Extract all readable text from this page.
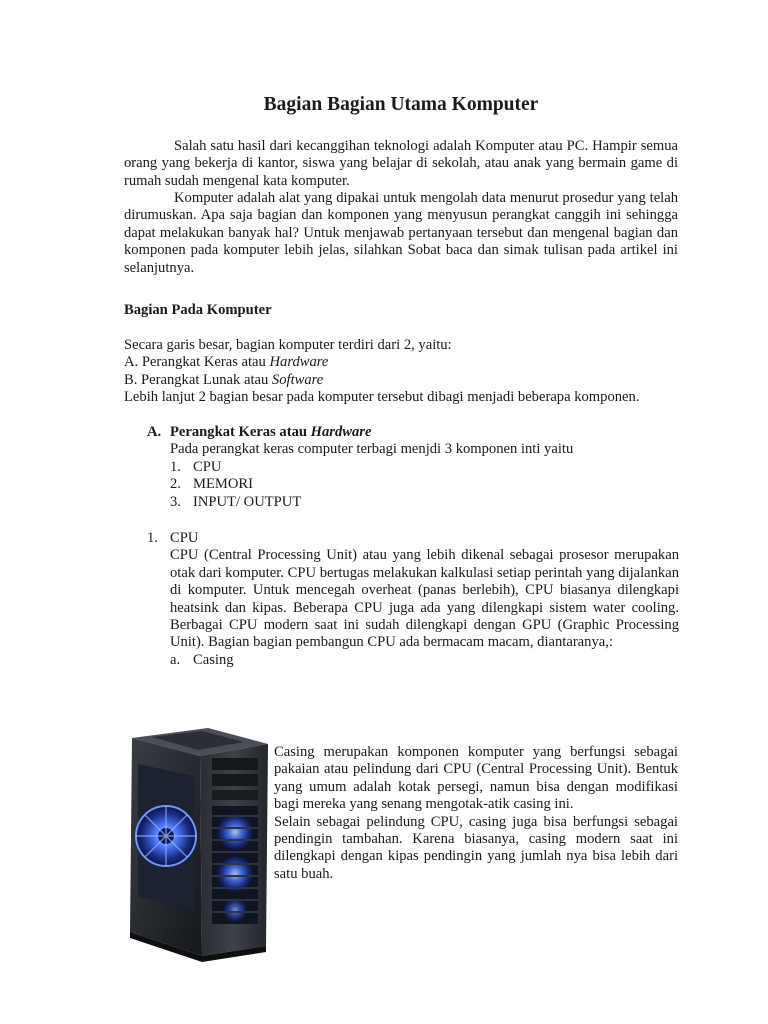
Bagian Bagian Utama Komputer
Salah satu hasil dari kecanggihan teknologi adalah Komputer atau PC. Hampir semua orang yang bekerja di kantor, siswa yang belajar di sekolah, atau anak yang bermain game di rumah sudah mengenal kata komputer.
Komputer adalah alat yang dipakai untuk mengolah data menurut prosedur yang telah dirumuskan. Apa saja bagian dan komponen yang menyusun perangkat canggih ini sehingga dapat melakukan banyak hal? Untuk menjawab pertanyaan tersebut dan mengenal bagian dan komponen pada komputer lebih jelas, silahkan Sobat baca dan simak tulisan pada artikel ini selanjutnya.
Bagian Pada Komputer
Secara garis besar, bagian komputer terdiri dari 2, yaitu:
A. Perangkat Keras atau Hardware
B. Perangkat Lunak atau Software
Lebih lanjut 2 bagian besar pada komputer tersebut dibagi menjadi beberapa komponen.
A. Perangkat Keras atau Hardware
Pada perangkat keras computer terbagi menjdi 3 komponen inti yaitu
1. CPU
2. MEMORI
3. INPUT/ OUTPUT
1. CPU
CPU (Central Processing Unit) atau yang lebih dikenal sebagai prosesor merupakan otak dari komputer. CPU bertugas melakukan kalkulasi setiap perintah yang dijalankan di komputer. Untuk mencegah overheat (panas berlebih), CPU biasanya dilengkapi heatsink dan kipas. Beberapa CPU juga ada yang dilengkapi sistem water cooling. Berbagai CPU modern saat ini sudah dilengkapi dengan GPU (Graphic Processing Unit). Bagian bagian pembangun CPU ada bermacam macam, diantaranya,:
a. Casing
Casing merupakan komponen komputer yang berfungsi sebagai pakaian atau pelindung dari CPU (Central Processing Unit). Bentuk yang umum adalah kotak persegi, namun bisa dengan modifikasi bagi mereka yang senang mengotak-atik casing ini.
Selain sebagai pelindung CPU, casing juga bisa berfungsi sebagai pendingin tambahan. Karena biasanya, casing modern saat ini dilengkapi dengan kipas pendingin yang jumlah nya bisa lebih dari satu buah.
